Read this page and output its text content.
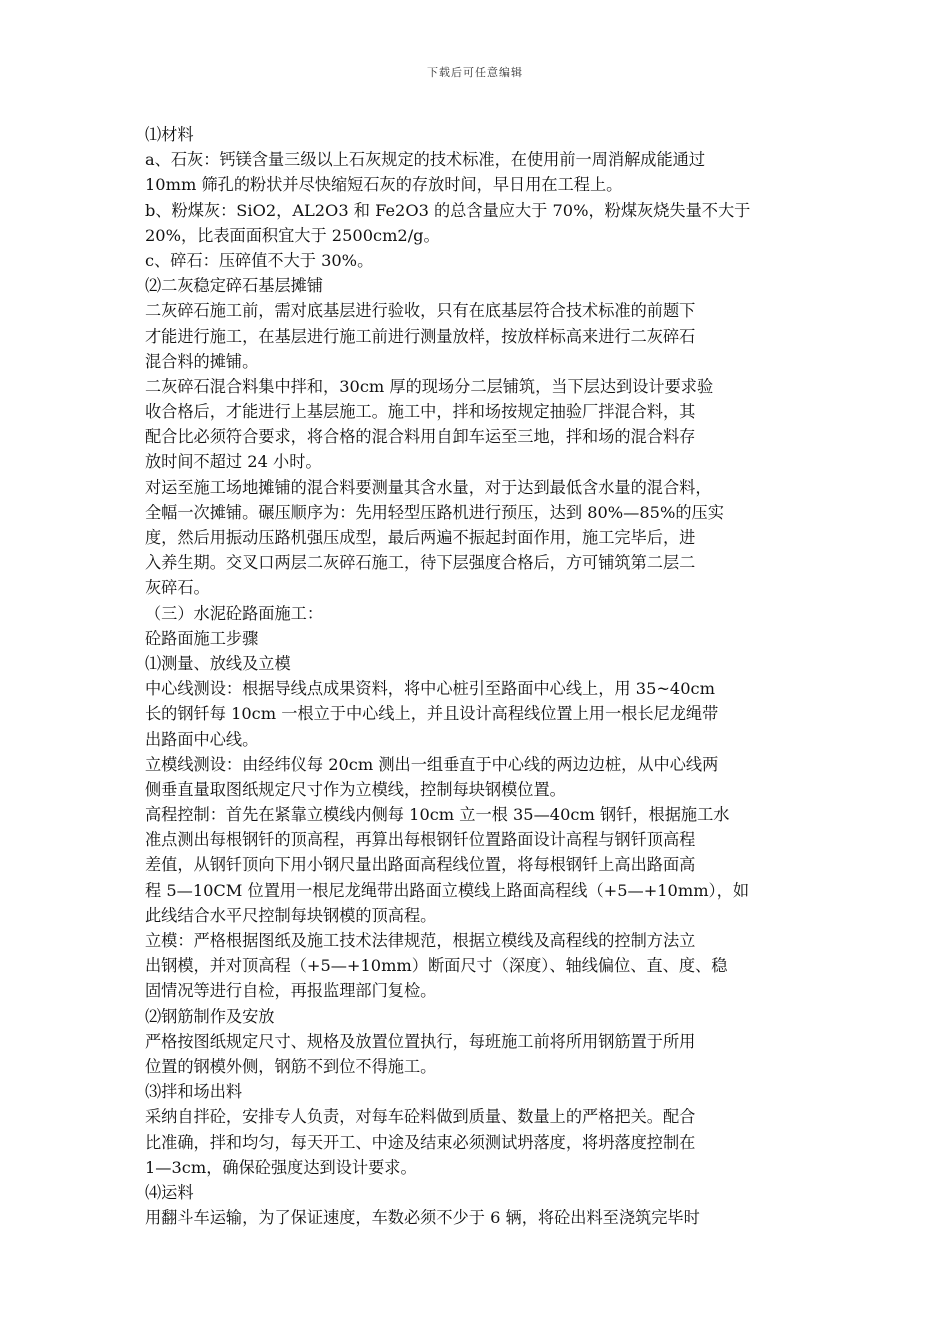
下载后可任意编辑
⑴材料
a、石灰：钙镁含量三级以上石灰规定的技术标准，在使用前一周消解成能通过
10mm 筛孔的粉状并尽快缩短石灰的存放时间，早日用在工程上。
b、粉煤灰：SiO2，AL2O3 和 Fe2O3 的总含量应大于 70%，粉煤灰烧失量不大于
20%，比表面面积宜大于 2500cm2/g。
c、碎石：压碎值不大于 30%。
⑵二灰稳定碎石基层摊铺
二灰碎石施工前，需对底基层进行验收，只有在底基层符合技术标准的前题下
才能进行施工，在基层进行施工前进行测量放样，按放样标高来进行二灰碎石
混合料的摊铺。
二灰碎石混合料集中拌和，30cm 厚的现场分二层铺筑，当下层达到设计要求验
收合格后，才能进行上基层施工。施工中，拌和场按规定抽验厂拌混合料，其
配合比必须符合要求，将合格的混合料用自卸车运至三地，拌和场的混合料存
放时间不超过 24 小时。
对运至施工场地摊铺的混合料要测量其含水量，对于达到最低含水量的混合料，
全幅一次摊铺。碾压顺序为：先用轻型压路机进行预压，达到 80%—85%的压实
度，然后用振动压路机强压成型，最后两遍不振起封面作用，施工完毕后，进
入养生期。交叉口两层二灰碎石施工，待下层强度合格后，方可铺筑第二层二
灰碎石。
（三）水泥砼路面施工：
砼路面施工步骤
⑴测量、放线及立模
中心线测设：根据导线点成果资料，将中心桩引至路面中心线上，用 35~40cm
长的钢钎每 10cm 一根立于中心线上，并且设计高程线位置上用一根长尼龙绳带
出路面中心线。
立模线测设：由经纬仪每 20cm 测出一组垂直于中心线的两边边桩，从中心线两
侧垂直量取图纸规定尺寸作为立模线，控制每块钢模位置。
高程控制：首先在紧靠立模线内侧每 10cm 立一根 35—40cm 钢钎，根据施工水
准点测出每根钢钎的顶高程，再算出每根钢钎位置路面设计高程与钢钎顶高程
差值，从钢钎顶向下用小钢尺量出路面高程线位置，将每根钢钎上高出路面高
程 5—10CM 位置用一根尼龙绳带出路面立模线上路面高程线（+5—+10mm），如
此线结合水平尺控制每块钢模的顶高程。
立模：严格根据图纸及施工技术法律规范，根据立模线及高程线的控制方法立
出钢模，并对顶高程（+5—+10mm）断面尺寸（深度）、轴线偏位、直、度、稳
固情况等进行自检，再报监理部门复检。
⑵钢筋制作及安放
严格按图纸规定尺寸、规格及放置位置执行，每班施工前将所用钢筋置于所用
位置的钢模外侧，钢筋不到位不得施工。
⑶拌和场出料
采纳自拌砼，安排专人负责，对每车砼料做到质量、数量上的严格把关。配合
比准确，拌和均匀，每天开工、中途及结束必须测试坍落度，将坍落度控制在
1—3cm，确保砼强度达到设计要求。
⑷运料
用翻斗车运输，为了保证速度，车数必须不少于 6 辆，将砼出料至浇筑完毕时
